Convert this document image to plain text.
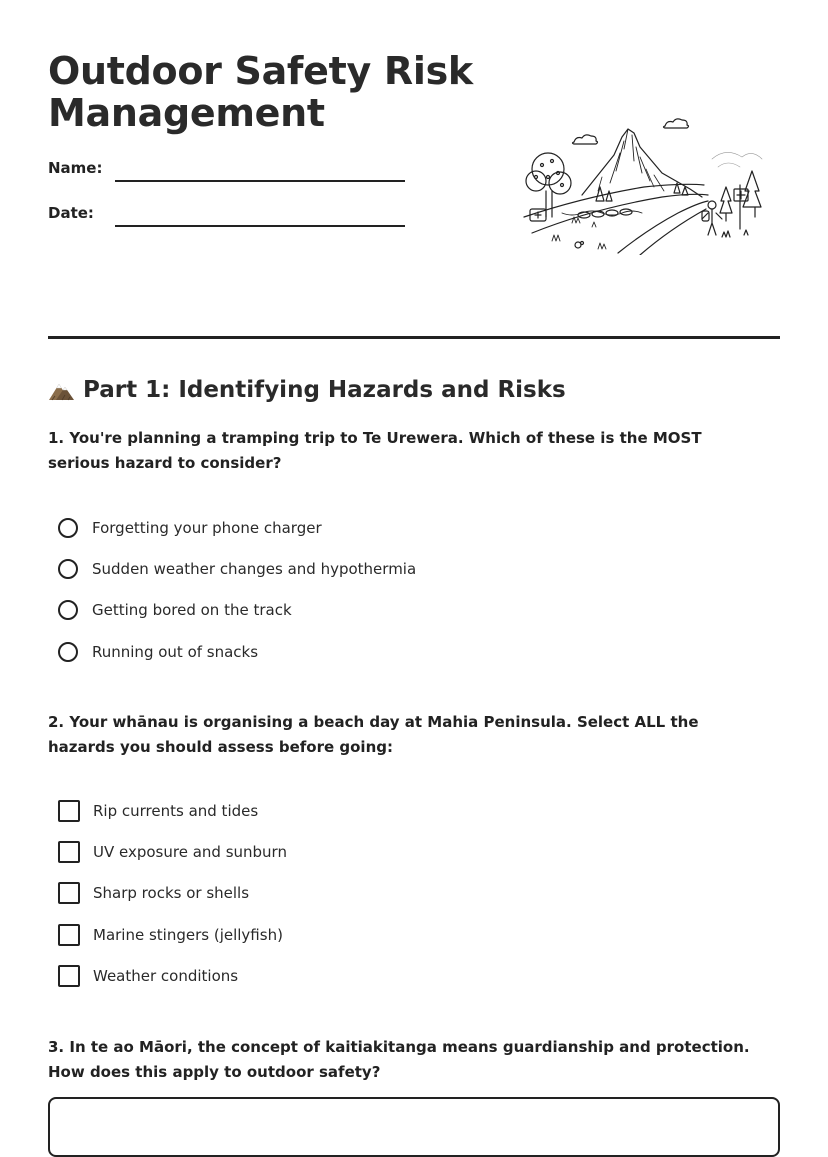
Outdoor Safety Risk Management
Name:
Date:
Part 1: Identifying Hazards and Risks
1. You're planning a tramping trip to Te Urewera. Which of these is the MOST serious hazard to consider?
Forgetting your phone charger
Sudden weather changes and hypothermia
Getting bored on the track
Running out of snacks
2. Your whānau is organising a beach day at Mahia Peninsula. Select ALL the hazards you should assess before going:
Rip currents and tides
UV exposure and sunburn
Sharp rocks or shells
Marine stingers (jellyfish)
Weather conditions
3. In te ao Māori, the concept of kaitiakitanga means guardianship and protection. How does this apply to outdoor safety?
